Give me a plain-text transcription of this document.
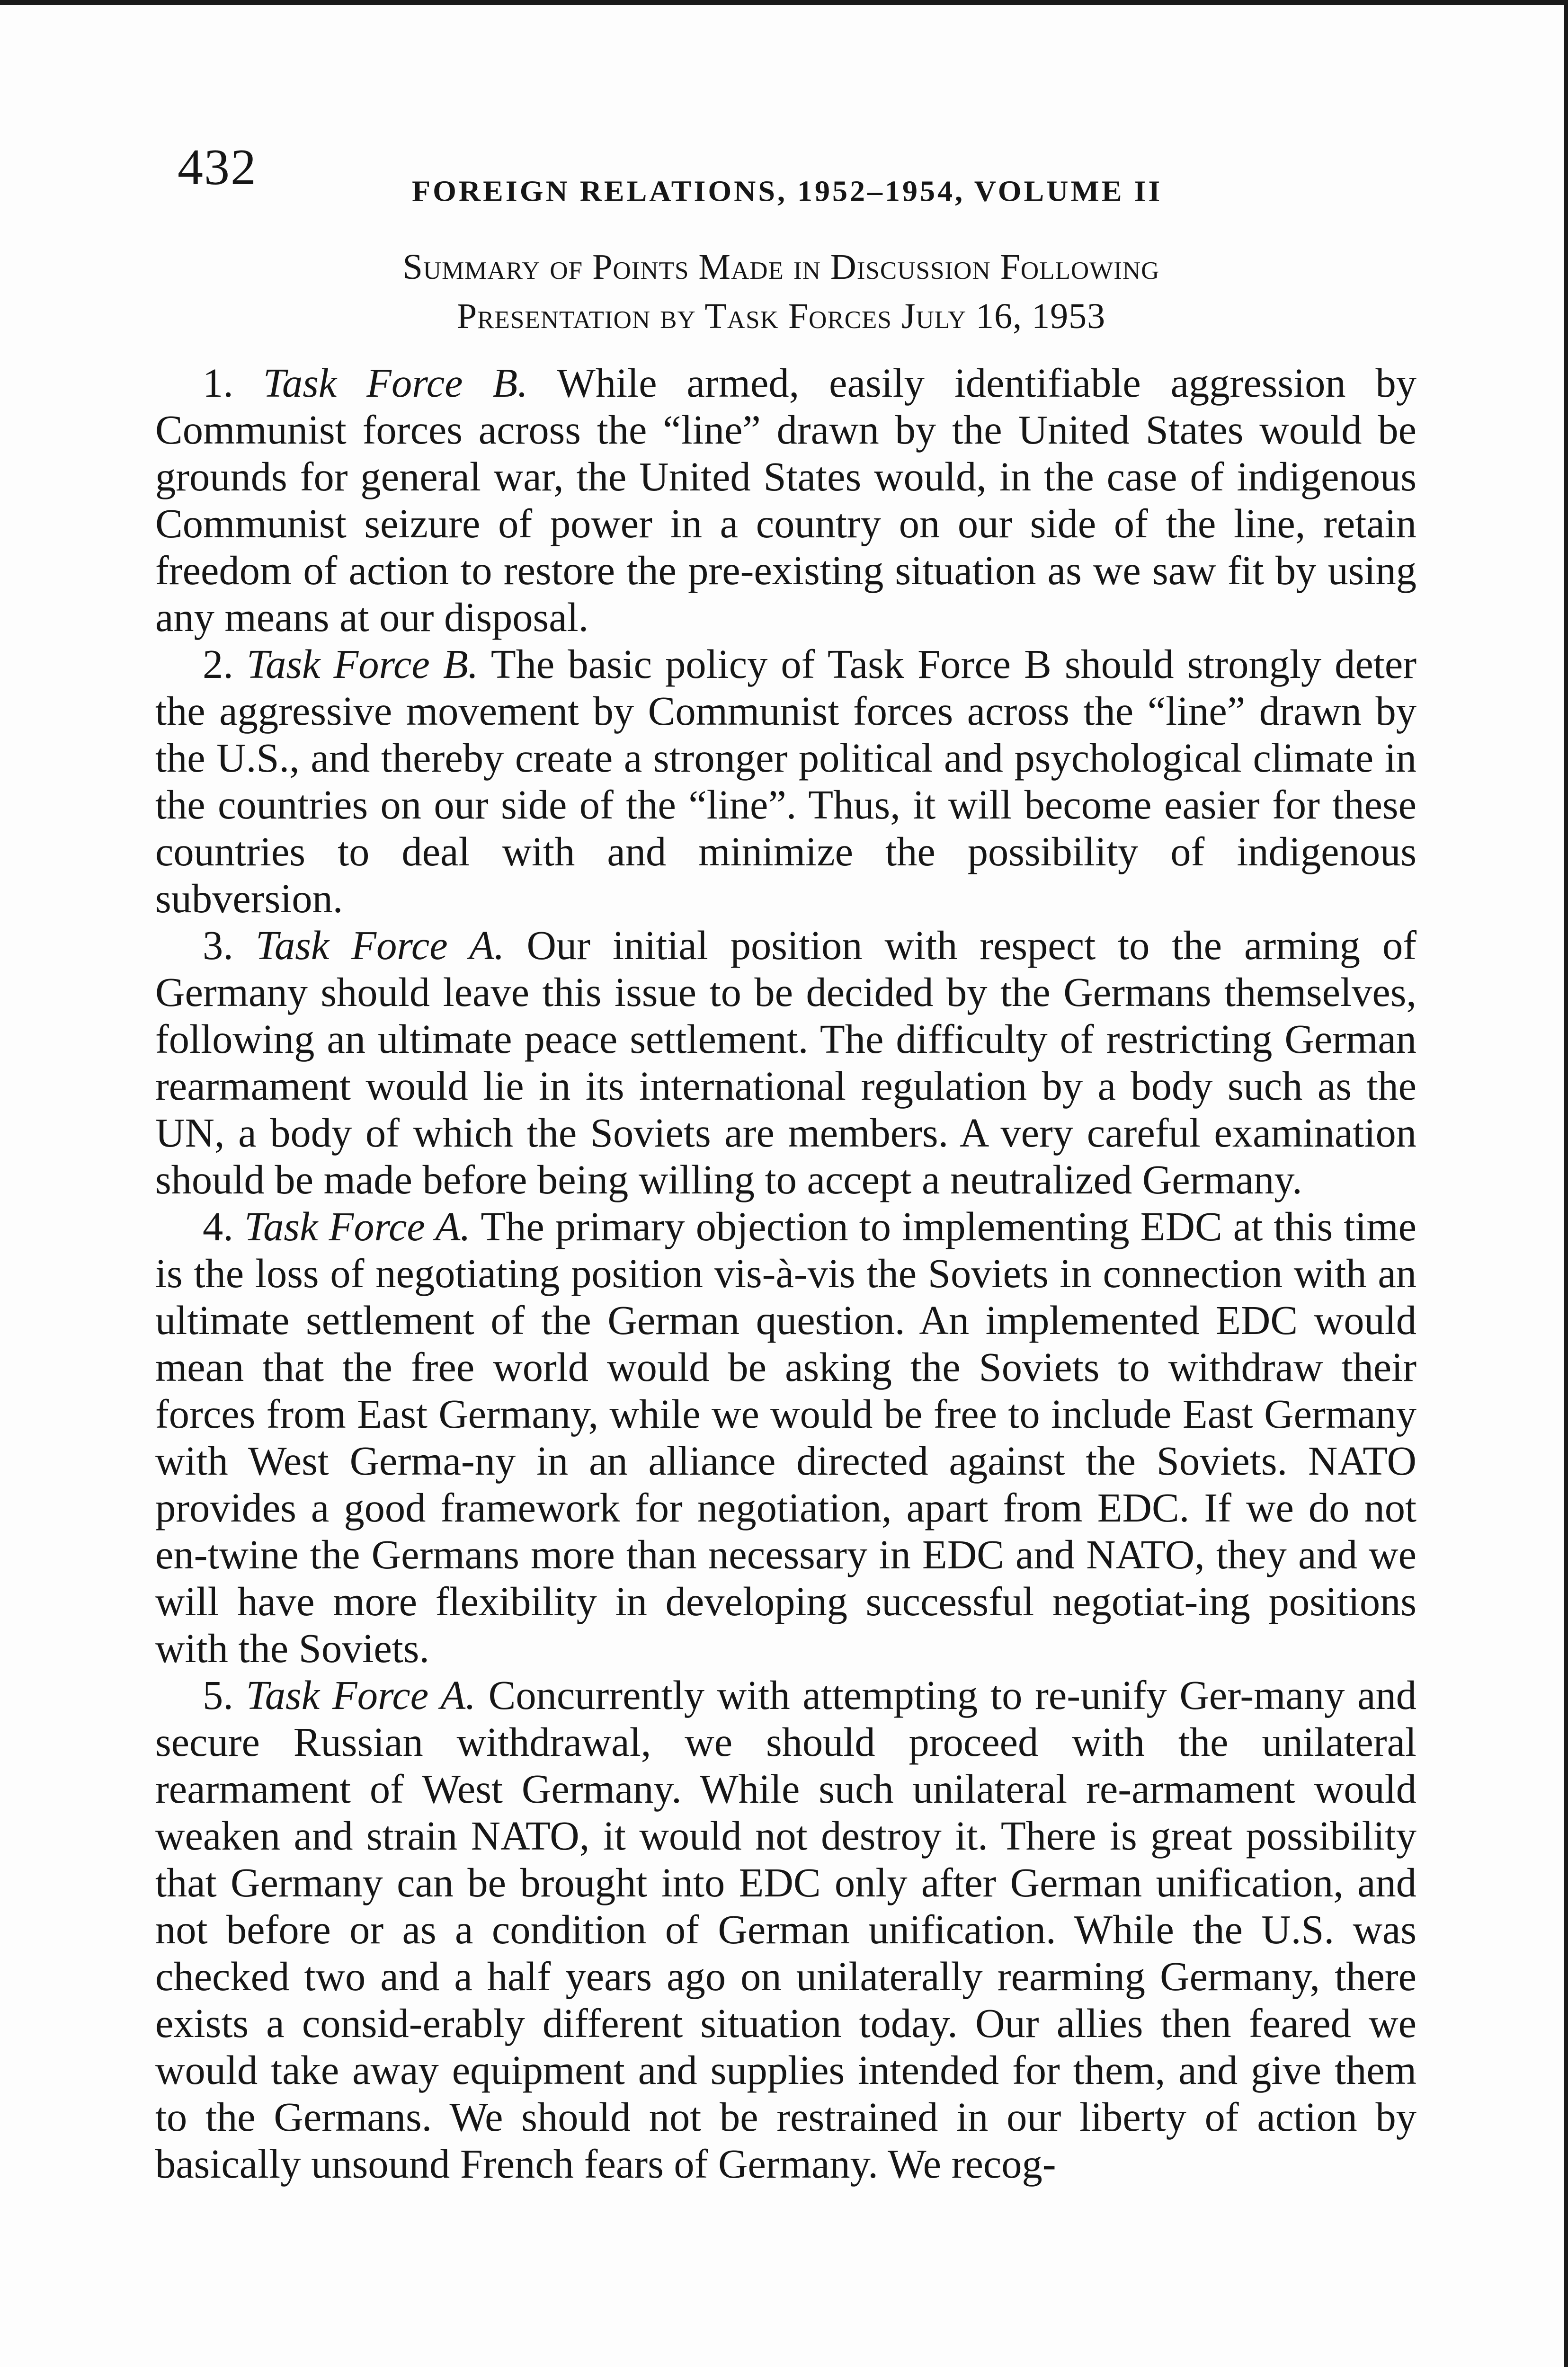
432	FOREIGN RELATIONS, 1952–1954, VOLUME II
Summary of Points Made in Discussion Following
Presentation by Task Forces July 16, 1953

1. Task Force B. While armed, easily identifiable aggression by Communist forces across the “line” drawn by the United States would be grounds for general war, the United States would, in the case of indigenous Communist seizure of power in a country on our side of the line, retain freedom of action to restore the pre-existing situation as we saw fit by using any means at our disposal.

2. Task Force B. The basic policy of Task Force B should strongly deter the aggressive movement by Communist forces across the “line” drawn by the U.S., and thereby create a stronger political and psychological climate in the countries on our side of the “line”. Thus, it will become easier for these countries to deal with and minimize the possibility of indigenous subversion.

3. Task Force A. Our initial position with respect to the arming of Germany should leave this issue to be decided by the Germans themselves, following an ultimate peace settlement. The difficulty of restricting German rearmament would lie in its international regulation by a body such as the UN, a body of which the Soviets are members. A very careful examination should be made before being willing to accept a neutralized Germany.

4. Task Force A. The primary objection to implementing EDC at this time is the loss of negotiating position vis-à-vis the Soviets in connection with an ultimate settlement of the German question. An implemented EDC would mean that the free world would be asking the Soviets to withdraw their forces from East Germany, while we would be free to include East Germany with West Germa-ny in an alliance directed against the Soviets. NATO provides a good framework for negotiation, apart from EDC. If we do not en-twine the Germans more than necessary in EDC and NATO, they and we will have more flexibility in developing successful negotiat-ing positions with the Soviets.

5. Task Force A. Concurrently with attempting to re-unify Ger-many and secure Russian withdrawal, we should proceed with the unilateral rearmament of West Germany. While such unilateral re-armament would weaken and strain NATO, it would not destroy it. There is great possibility that Germany can be brought into EDC only after German unification, and not before or as a condition of German unification. While the U.S. was checked two and a half years ago on unilaterally rearming Germany, there exists a consid-erably different situation today. Our allies then feared we would take away equipment and supplies intended for them, and give them to the Germans. We should not be restrained in our liberty of action by basically unsound French fears of Germany. We recog-
